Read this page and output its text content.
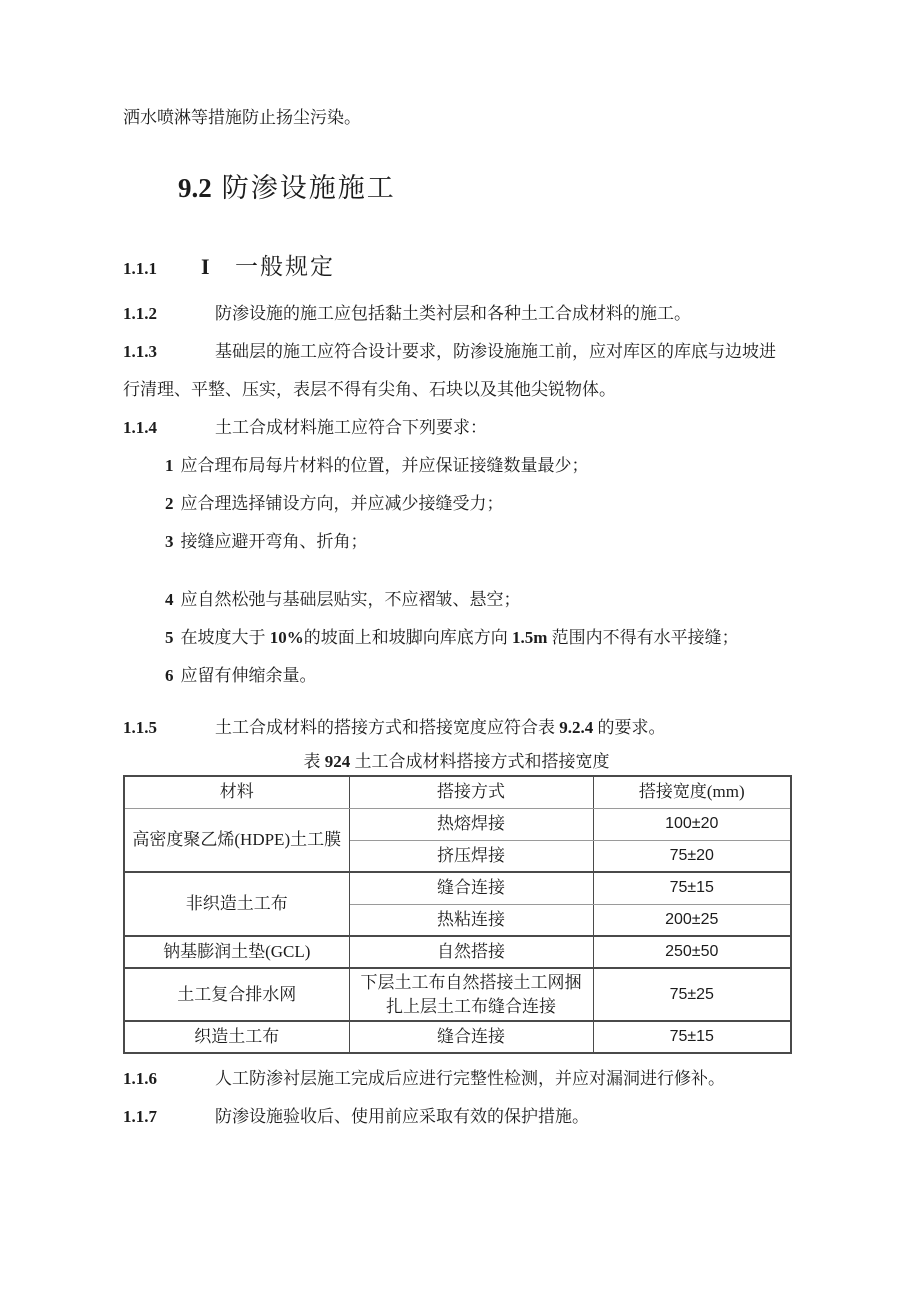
洒水喷淋等措施防止扬尘污染。

9.2 防渗设施施工
1.1.1 I 一般规定

1.1.2	防渗设施的施工应包括黏土类衬层和各种土工合成材料的施工。

1.1.3	基础层的施工应符合设计要求，防渗设施施工前，应对库区的库底与边坡进行清理、平整、压实，表层不得有尖角、石块以及其他尖锐物体。

1.1.4	土工合成材料施工应符合下列要求：

1 应合理布局每片材料的位置，并应保证接缝数量最少；

2 应合理选择铺设方向，并应减少接缝受力；

3 接缝应避开弯角、折角；

4 应自然松弛与基础层贴实，不应褶皱、悬空；

5 在坡度大于 10%的坡面上和坡脚向库底方向 1.5m 范围内不得有水平接缝；

6 应留有伸缩余量。

1.1.5	土工合成材料的搭接方式和搭接宽度应符合表 9.2.4 的要求。

表 924 土工合成材料搭接方式和搭接宽度
材料	搭接方式	搭接宽度(mm)
高密度聚乙烯(HDPE)土工膜	热熔焊接	100±20
	挤压焊接	75±20
非织造土工布	缝合连接	75±15
	热粘连接	200±25
钠基膨润土垫(GCL)	自然搭接	250±50
土工复合排水网	下层土工布自然搭接土工网捆扎上层土工布缝合连接	75±25
织造土工布	缝合连接	75±15

1.1.6	人工防渗衬层施工完成后应进行完整性检测，并应对漏洞进行修补。

1.1.7	防渗设施验收后、使用前应采取有效的保护措施。
